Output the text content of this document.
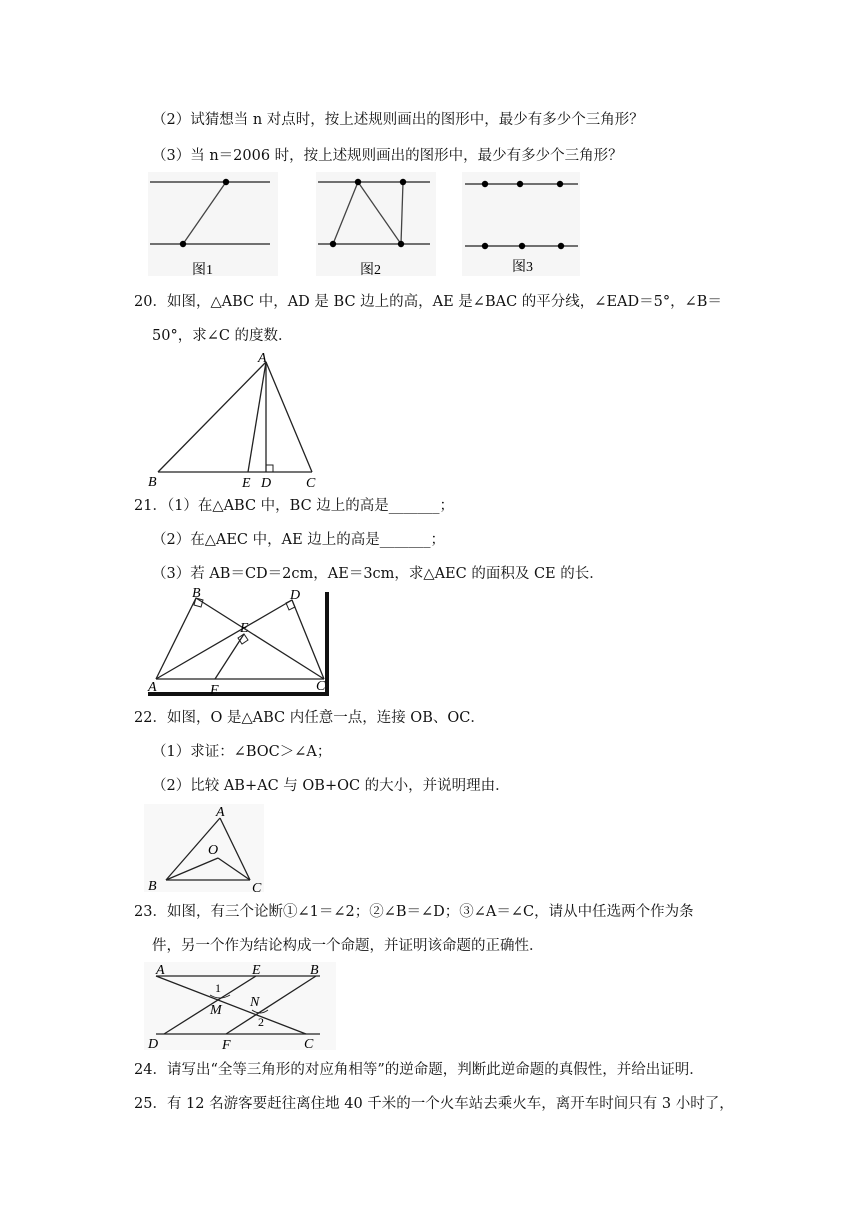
（2）试猜想当 n 对点时，按上述规则画出的图形中，最少有多少个三角形？
（3）当 n＝2006 时，按上述规则画出的图形中，最少有多少个三角形？
图1	图2	图3
20．如图，△ABC 中，AD 是 BC 边上的高，AE 是∠BAC 的平分线，∠EAD＝5°，∠B＝
50°，求∠C 的度数．
A
B	E D C
21．（1）在△ABC 中，BC 边上的高是_______；
（2）在△AEC 中，AE 边上的高是_______；
（3）若 AB＝CD＝2cm，AE＝3cm，求△AEC 的面积及 CE 的长．
B	D
E
A	F	C
22．如图，O 是△ABC 内任意一点，连接 OB、OC．
（1）求证：∠BOC＞∠A；
（2）比较 AB+AC 与 OB+OC 的大小，并说明理由．
A
O
B	C
23．如图，有三个论断①∠1＝∠2；②∠B＝∠D；③∠A＝∠C，请从中任选两个作为条
件，另一个作为结论构成一个命题，并证明该命题的正确性．
A	E	B
1
M
N
2
D	F	C
24．请写出“全等三角形的对应角相等”的逆命题，判断此逆命题的真假性，并给出证明．
25．有 12 名游客要赶往离住地 40 千米的一个火车站去乘火车，离开车时间只有 3 小时了，
